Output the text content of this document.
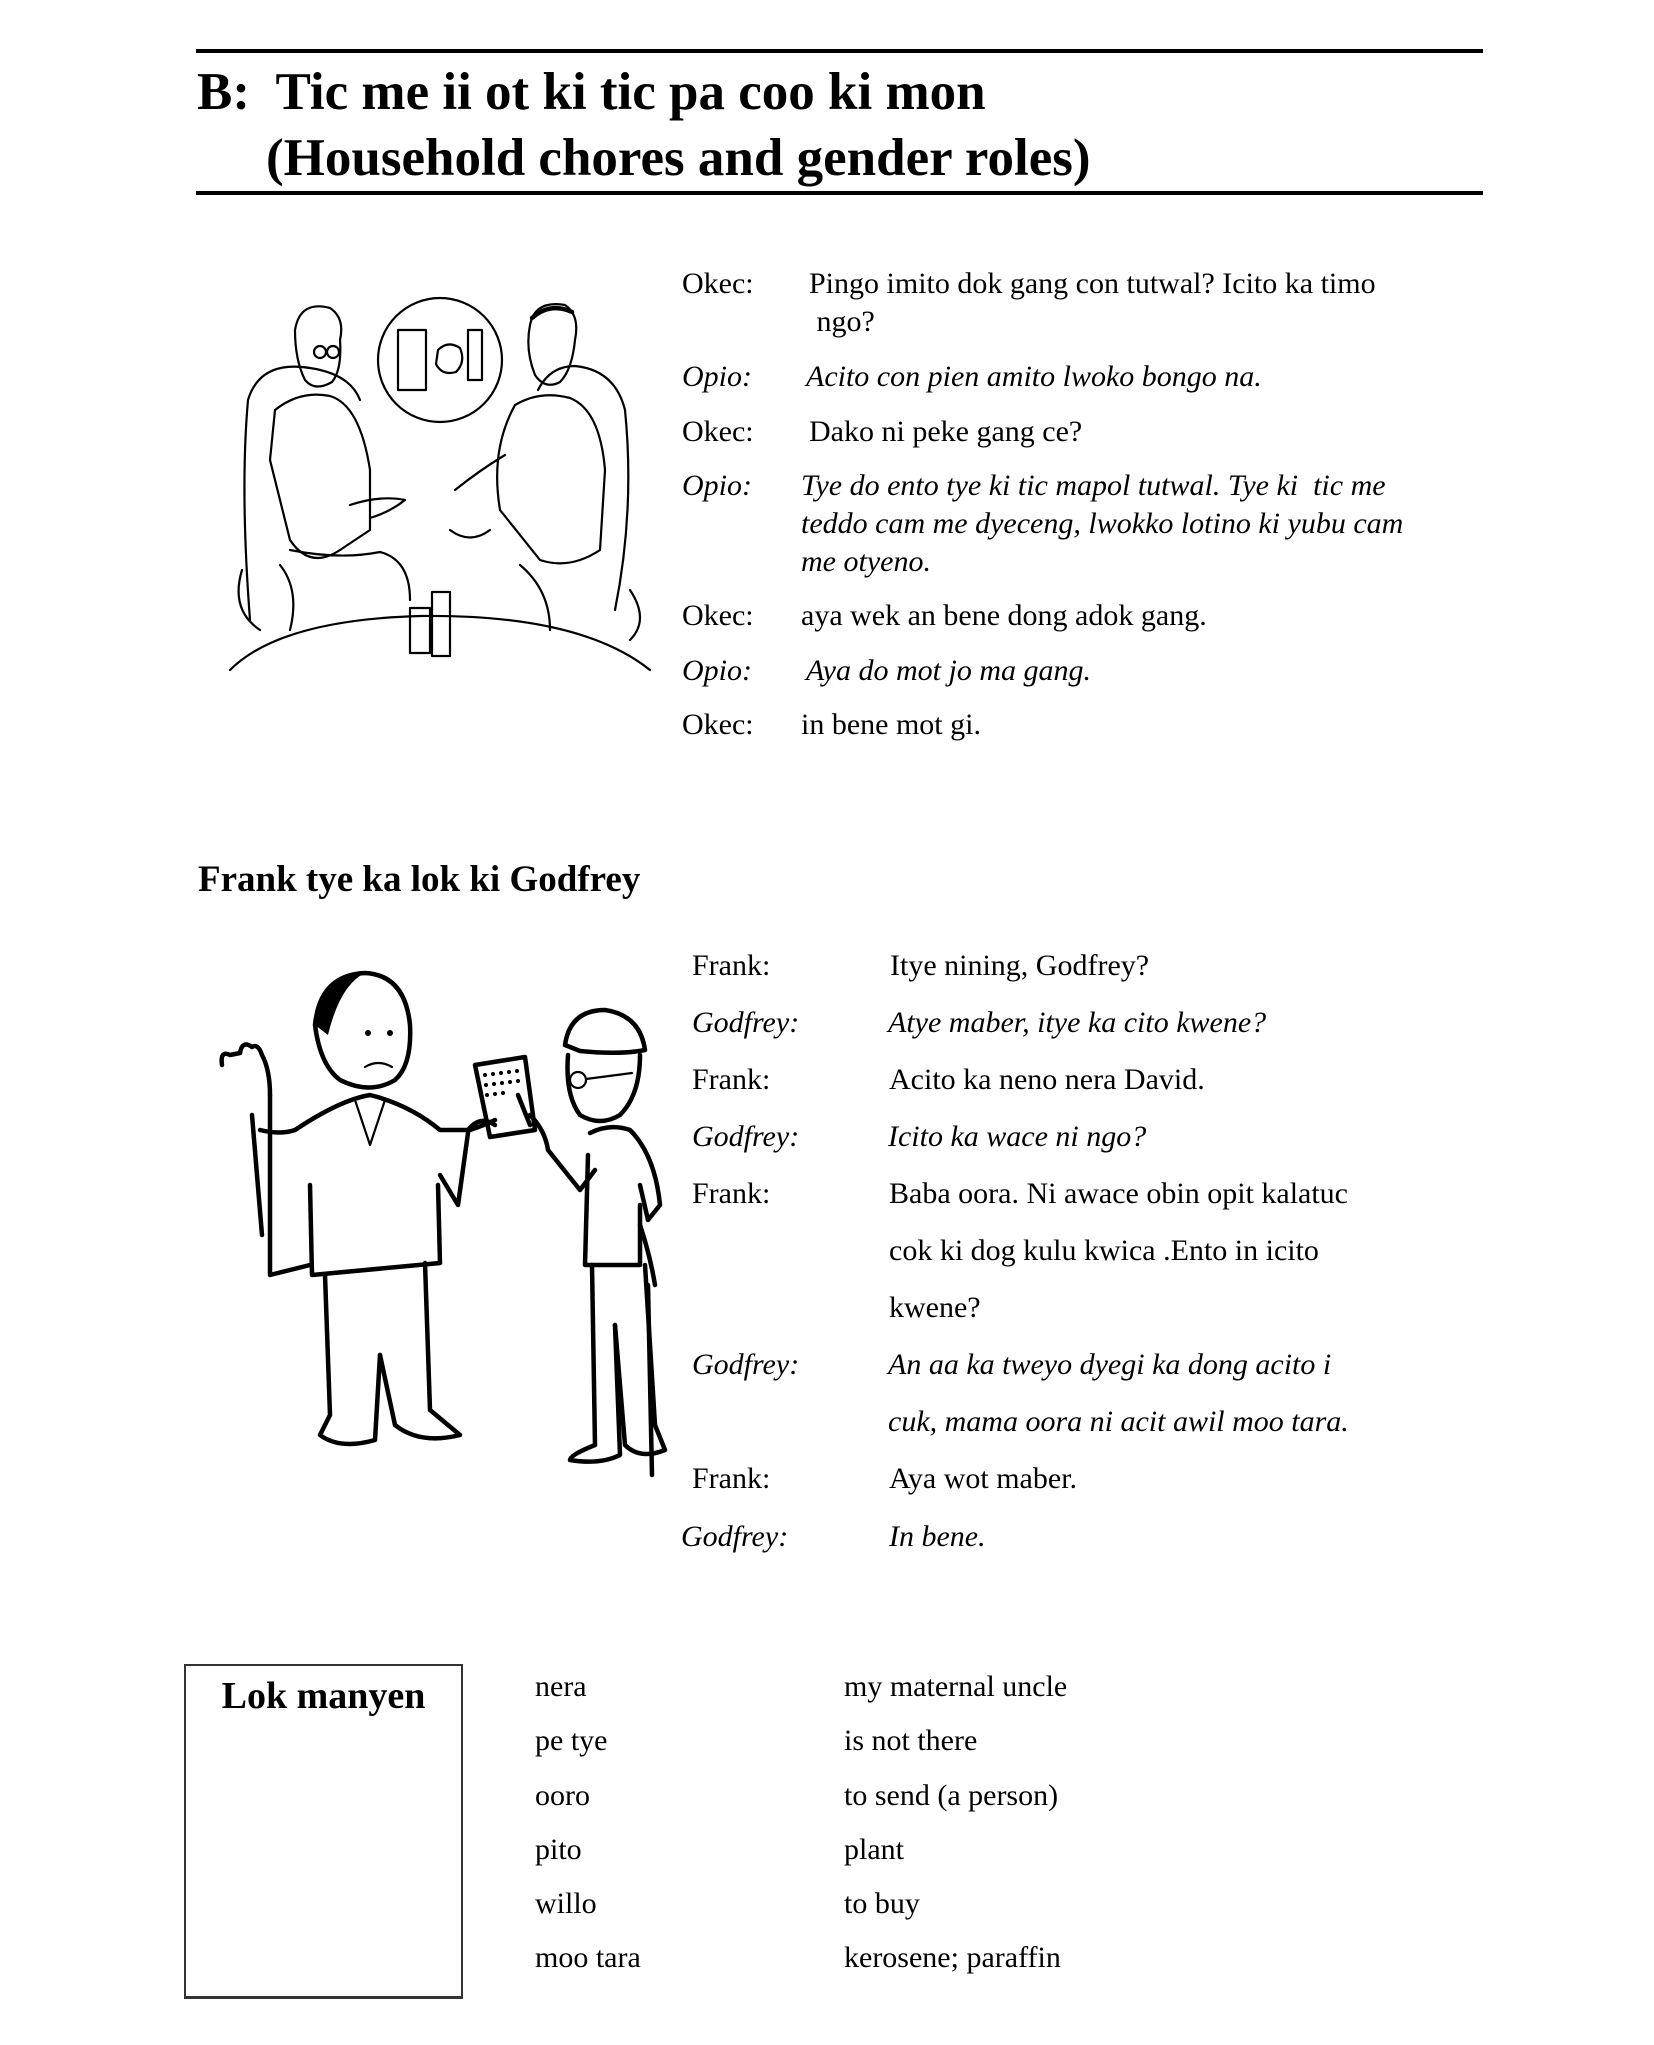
B:  Tic me ii ot ki tic pa coo ki mon
(Household chores and gender roles)
Okec: Pingo imito dok gang con tutwal? Icito ka timo
ngo?
Opio: Acito con pien amito lwoko bongo na.
Okec: Dako ni peke gang ce?
Opio: Tye do ento tye ki tic mapol tutwal. Tye ki  tic me
teddo cam me dyeceng, lwokko lotino ki yubu cam
me otyeno.
Okec: aya wek an bene dong adok gang.
Opio: Aya do mot jo ma gang.
Okec: in bene mot gi.
Frank tye ka lok ki Godfrey
Frank:	Itye nining, Godfrey?
Godfrey:	Atye maber, itye ka cito kwene?
Frank:	Acito ka neno nera David.
Godfrey:	Icito ka wace ni ngo?
Frank:	Baba oora. Ni awace obin opit kalatuc
cok ki dog kulu kwica .Ento in icito
kwene?
Godfrey:	An aa ka tweyo dyegi ka dong acito i
cuk, mama oora ni acit awil moo tara.
Frank:	Aya wot maber.
Godfrey:	In bene.
Lok manyen	nera	my maternal uncle
pe tye	is not there
ooro	to send (a person)
pito	plant
willo	to buy
moo tara	kerosene; paraffin
